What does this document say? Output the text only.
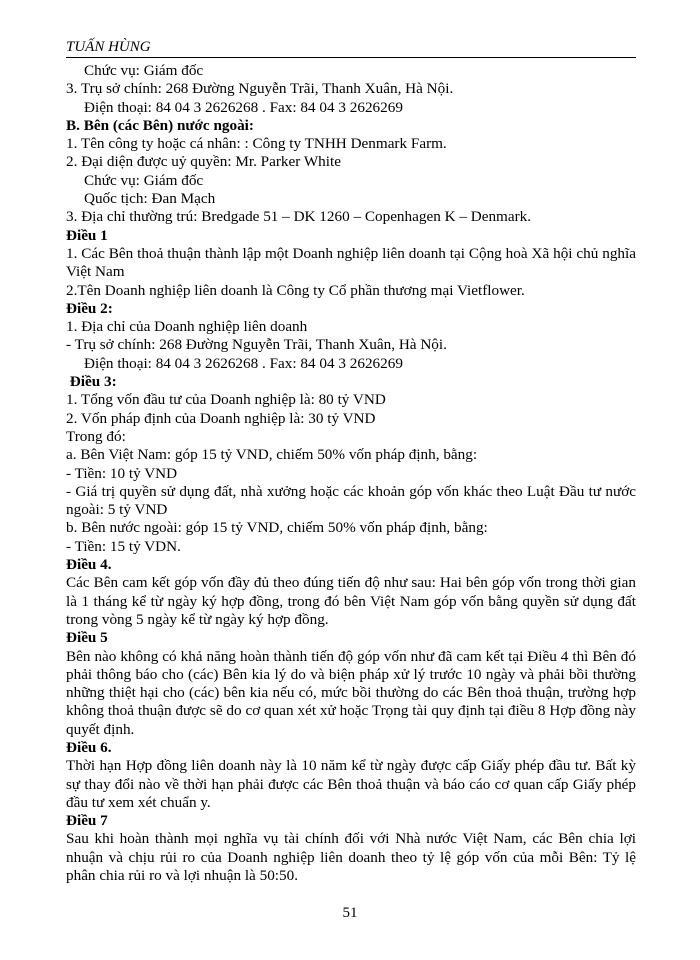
TUẤN HÙNG

Chức vụ: Giám đốc

3. Trụ sở chính: 268 Đường Nguyễn Trãi, Thanh Xuân, Hà Nội.

Điện thoại: 84 04 3 2626268 . Fax: 84 04 3 2626269

B. Bên (các Bên) nước ngoài:

1. Tên công ty hoặc cá nhân: : Công ty TNHH Denmark Farm.

2. Đại diện được uỷ quyền: Mr. Parker White

Chức vụ: Giám đốc

Quốc tịch: Đan Mạch

3. Địa chỉ thường trú: Bredgade 51 – DK 1260 – Copenhagen K – Denmark.

Điều 1

1. Các Bên thoả thuận thành lập một Doanh nghiệp liên doanh tại Cộng hoà Xã hội chủ nghĩa Việt Nam

2.Tên Doanh nghiệp liên doanh là Công ty Cổ phần thương mại Vietflower.

Điều 2:

1. Địa chỉ của Doanh nghiệp liên doanh

- Trụ sở chính: 268 Đường Nguyễn Trãi, Thanh Xuân, Hà Nội.

Điện thoại: 84 04 3 2626268 . Fax: 84 04 3 2626269

Điều 3:

1. Tổng vốn đầu tư của Doanh nghiệp là: 80 tỷ VND

2. Vốn pháp định của Doanh nghiệp là: 30 tỷ VND

Trong đó:

a. Bên Việt Nam: góp 15 tỷ VND, chiếm 50% vốn pháp định, bằng:

- Tiền: 10 tỷ VND

- Giá trị quyền sử dụng đất, nhà xưởng hoặc các khoản góp vốn khác theo Luật Đầu tư nước ngoài: 5 tỷ VND

b. Bên nước ngoài: góp 15 tỷ VND, chiếm 50% vốn pháp định, bằng:

- Tiền: 15 tỷ VDN.

Điều 4.

Các Bên cam kết góp vốn đầy đủ theo đúng tiến độ như sau: Hai bên góp vốn trong thời gian là 1 tháng kể từ ngày ký hợp đồng, trong đó bên Việt Nam góp vốn bằng quyền sử dụng đất trong vòng 5 ngày kể từ ngày ký hợp đồng.

Điều 5

Bên nào không có khả năng hoàn thành tiến độ góp vốn như đã cam kết tại Điều 4 thì Bên đó phải thông báo cho (các) Bên kia lý do và biện pháp xử lý trước 10 ngày và phải bồi thường những thiệt hại cho (các) bên kia nếu có, mức bồi thường do các Bên thoả thuận, trường hợp không thoả thuận được sẽ do cơ quan xét xử hoặc Trọng tài quy định tại điều 8 Hợp đồng này quyết định.

Điều 6.

Thời hạn Hợp đồng liên doanh này là 10 năm kể từ ngày được cấp Giấy phép đầu tư. Bất kỳ sự thay đổi nào về thời hạn phải được các Bên thoả thuận và báo cáo cơ quan cấp Giấy phép đầu tư xem xét chuẩn y.

Điều 7

Sau khi hoàn thành mọi nghĩa vụ tài chính đối với Nhà nước Việt Nam, các Bên chia lợi nhuận và chịu rủi ro của Doanh nghiệp liên doanh theo tỷ lệ góp vốn của mỗi Bên: Tỷ lệ phân chia rủi ro và lợi nhuận là 50:50.

51
